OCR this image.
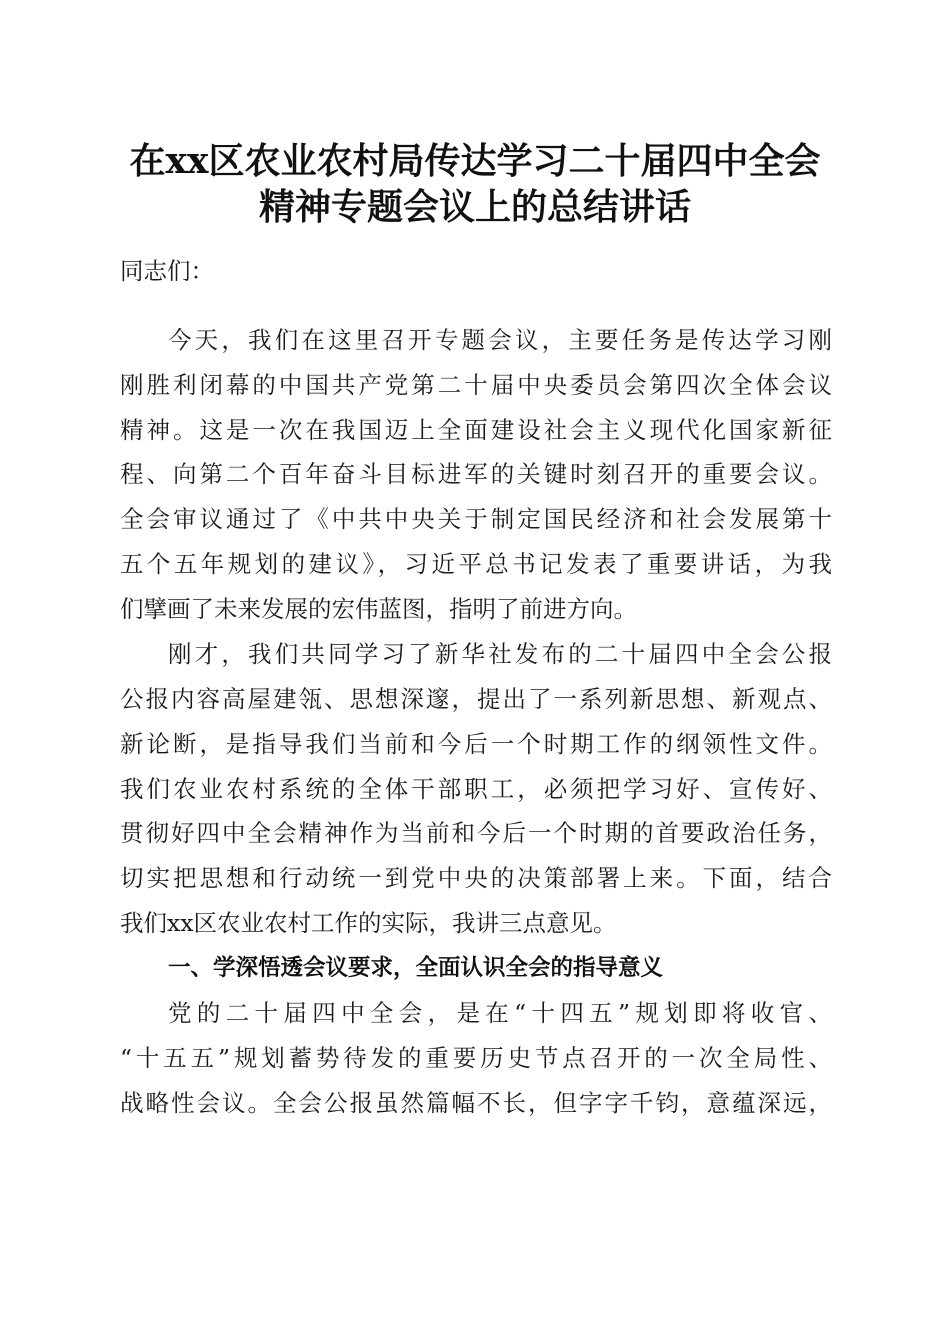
在xx区农业农村局传达学习二十届四中全会
精神专题会议上的总结讲话
同志们：
今天，我们在这里召开专题会议，主要任务是传达学习刚
刚胜利闭幕的中国共产党第二十届中央委员会第四次全体会议
精神。这是一次在我国迈上全面建设社会主义现代化国家新征
程、向第二个百年奋斗目标进军的关键时刻召开的重要会议。
全会审议通过了《中共中央关于制定国民经济和社会发展第十
五个五年规划的建议》，习近平总书记发表了重要讲话，为我
们擘画了未来发展的宏伟蓝图，指明了前进方向。
刚才，我们共同学习了新华社发布的二十届四中全会公报
公报内容高屋建瓴、思想深邃，提出了一系列新思想、新观点、
新论断，是指导我们当前和今后一个时期工作的纲领性文件。
我们农业农村系统的全体干部职工，必须把学习好、宣传好、
贯彻好四中全会精神作为当前和今后一个时期的首要政治任务，
切实把思想和行动统一到党中央的决策部署上来。下面，结合
我们xx区农业农村工作的实际，我讲三点意见。
一、学深悟透会议要求，全面认识全会的指导意义
党的二十届四中全会，是在“十四五”规划即将收官、
“十五五”规划蓄势待发的重要历史节点召开的一次全局性、
战略性会议。全会公报虽然篇幅不长，但字字千钧，意蕴深远，
